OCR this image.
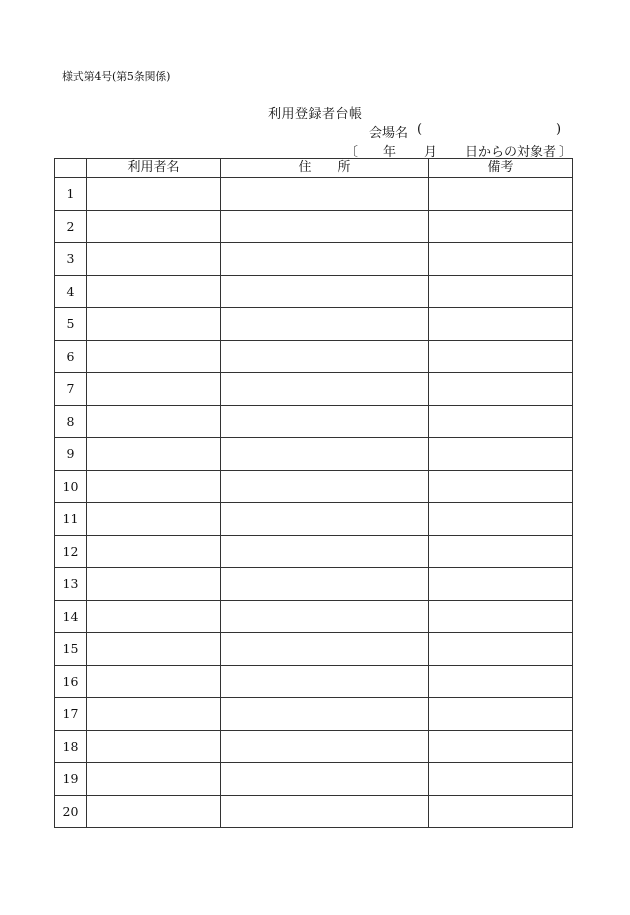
様式第4号(第5条関係)
利用登録者台帳
会場名 (	)
〔 年 月 日からの対象者 〕
	利用者名	住　　所	備考
1			
2			
3			
4			
5			
6			
7			
8			
9			
10			
11			
12			
13			
14			
15			
16			
17			
18			
19			
20			
